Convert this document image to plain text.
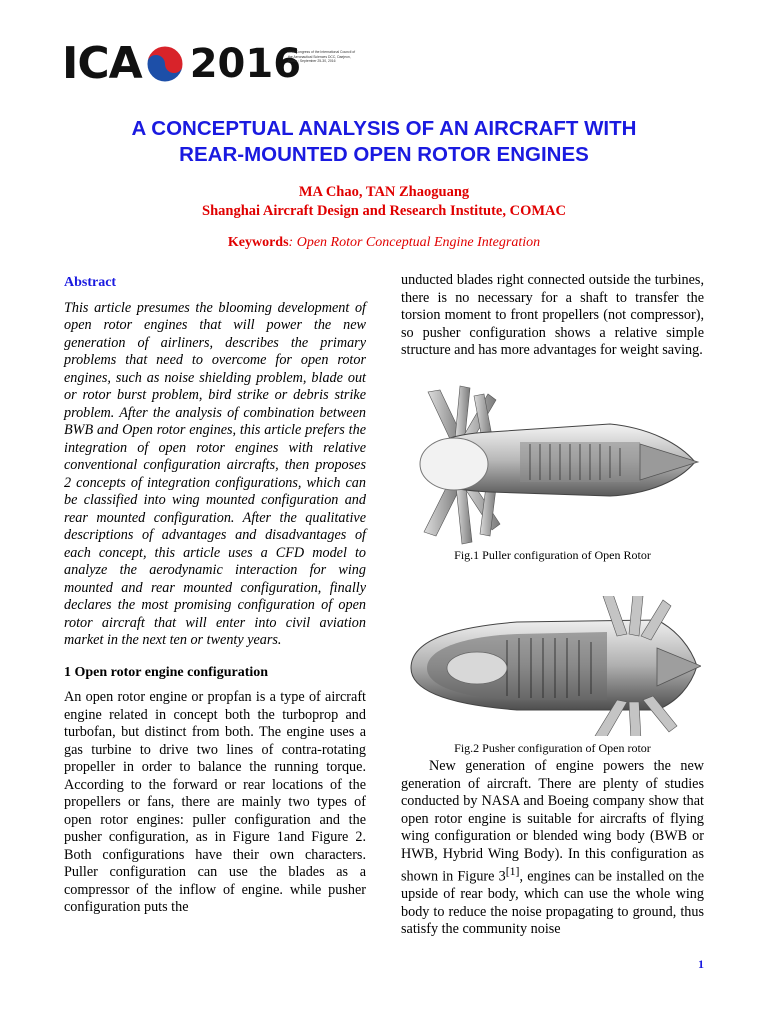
ICA 2016
30th Congress of the International Council of the Aeronautical Sciences DCC, Daejeon, Korea ; September 25-30, 2016
A CONCEPTUAL ANALYSIS OF AN AIRCRAFT WITH
REAR-MOUNTED OPEN ROTOR ENGINES
MA Chao, TAN Zhaoguang
Shanghai Aircraft Design and Research Institute, COMAC
Keywords: Open Rotor Conceptual Engine Integration
Abstract

This article presumes the blooming development of open rotor engines that will power the new generation of airliners, describes the primary problems that need to overcome for open rotor engines, such as noise shielding problem, blade out or rotor burst problem, bird strike or debris strike problem. After the analysis of combination between BWB and Open rotor engines, this article prefers the integration of open rotor engines with relative conventional configuration aircrafts, then proposes 2 concepts of integration configurations, which can be classified into wing mounted configuration and rear mounted configuration. After the qualitative descriptions of advantages and disadvantages of each concept, this article uses a CFD model to analyze the aerodynamic interaction for wing mounted and rear mounted configuration, finally declares the most promising configuration of open rotor aircraft that will enter into civil aviation market in the next ten or twenty years.

1 Open rotor engine configuration

An open rotor engine or propfan is a type of aircraft engine related in concept both the turboprop and turbofan, but distinct from both. The engine uses a gas turbine to drive two lines of contra-rotating propeller in order to balance the running torque. According to the forward or rear locations of the propellers or fans, there are mainly two types of open rotor engines: puller configuration and the pusher configuration, as in Figure 1and Figure 2. Both configurations have their own characters. Puller configuration can use the blades as a compressor of the inflow of engine. while pusher configuration puts the

unducted blades right connected outside the turbines, there is no necessary for a shaft to transfer the torsion moment to front propellers (not compressor), so pusher configuration shows a relative simple structure and has more advantages for weight saving.

Fig.1 Puller configuration of Open Rotor
Fig.2 Pusher configuration of Open rotor

New generation of engine powers the new generation of aircraft. There are plenty of studies conducted by NASA and Boeing company show that open rotor engine is suitable for aircrafts of flying wing configuration or blended wing body (BWB or HWB, Hybrid Wing Body). In this configuration as shown in Figure 3[1], engines can be installed on the upside of rear body, which can use the whole wing body to reduce the noise propagating to ground, thus satisfy the community noise

1
